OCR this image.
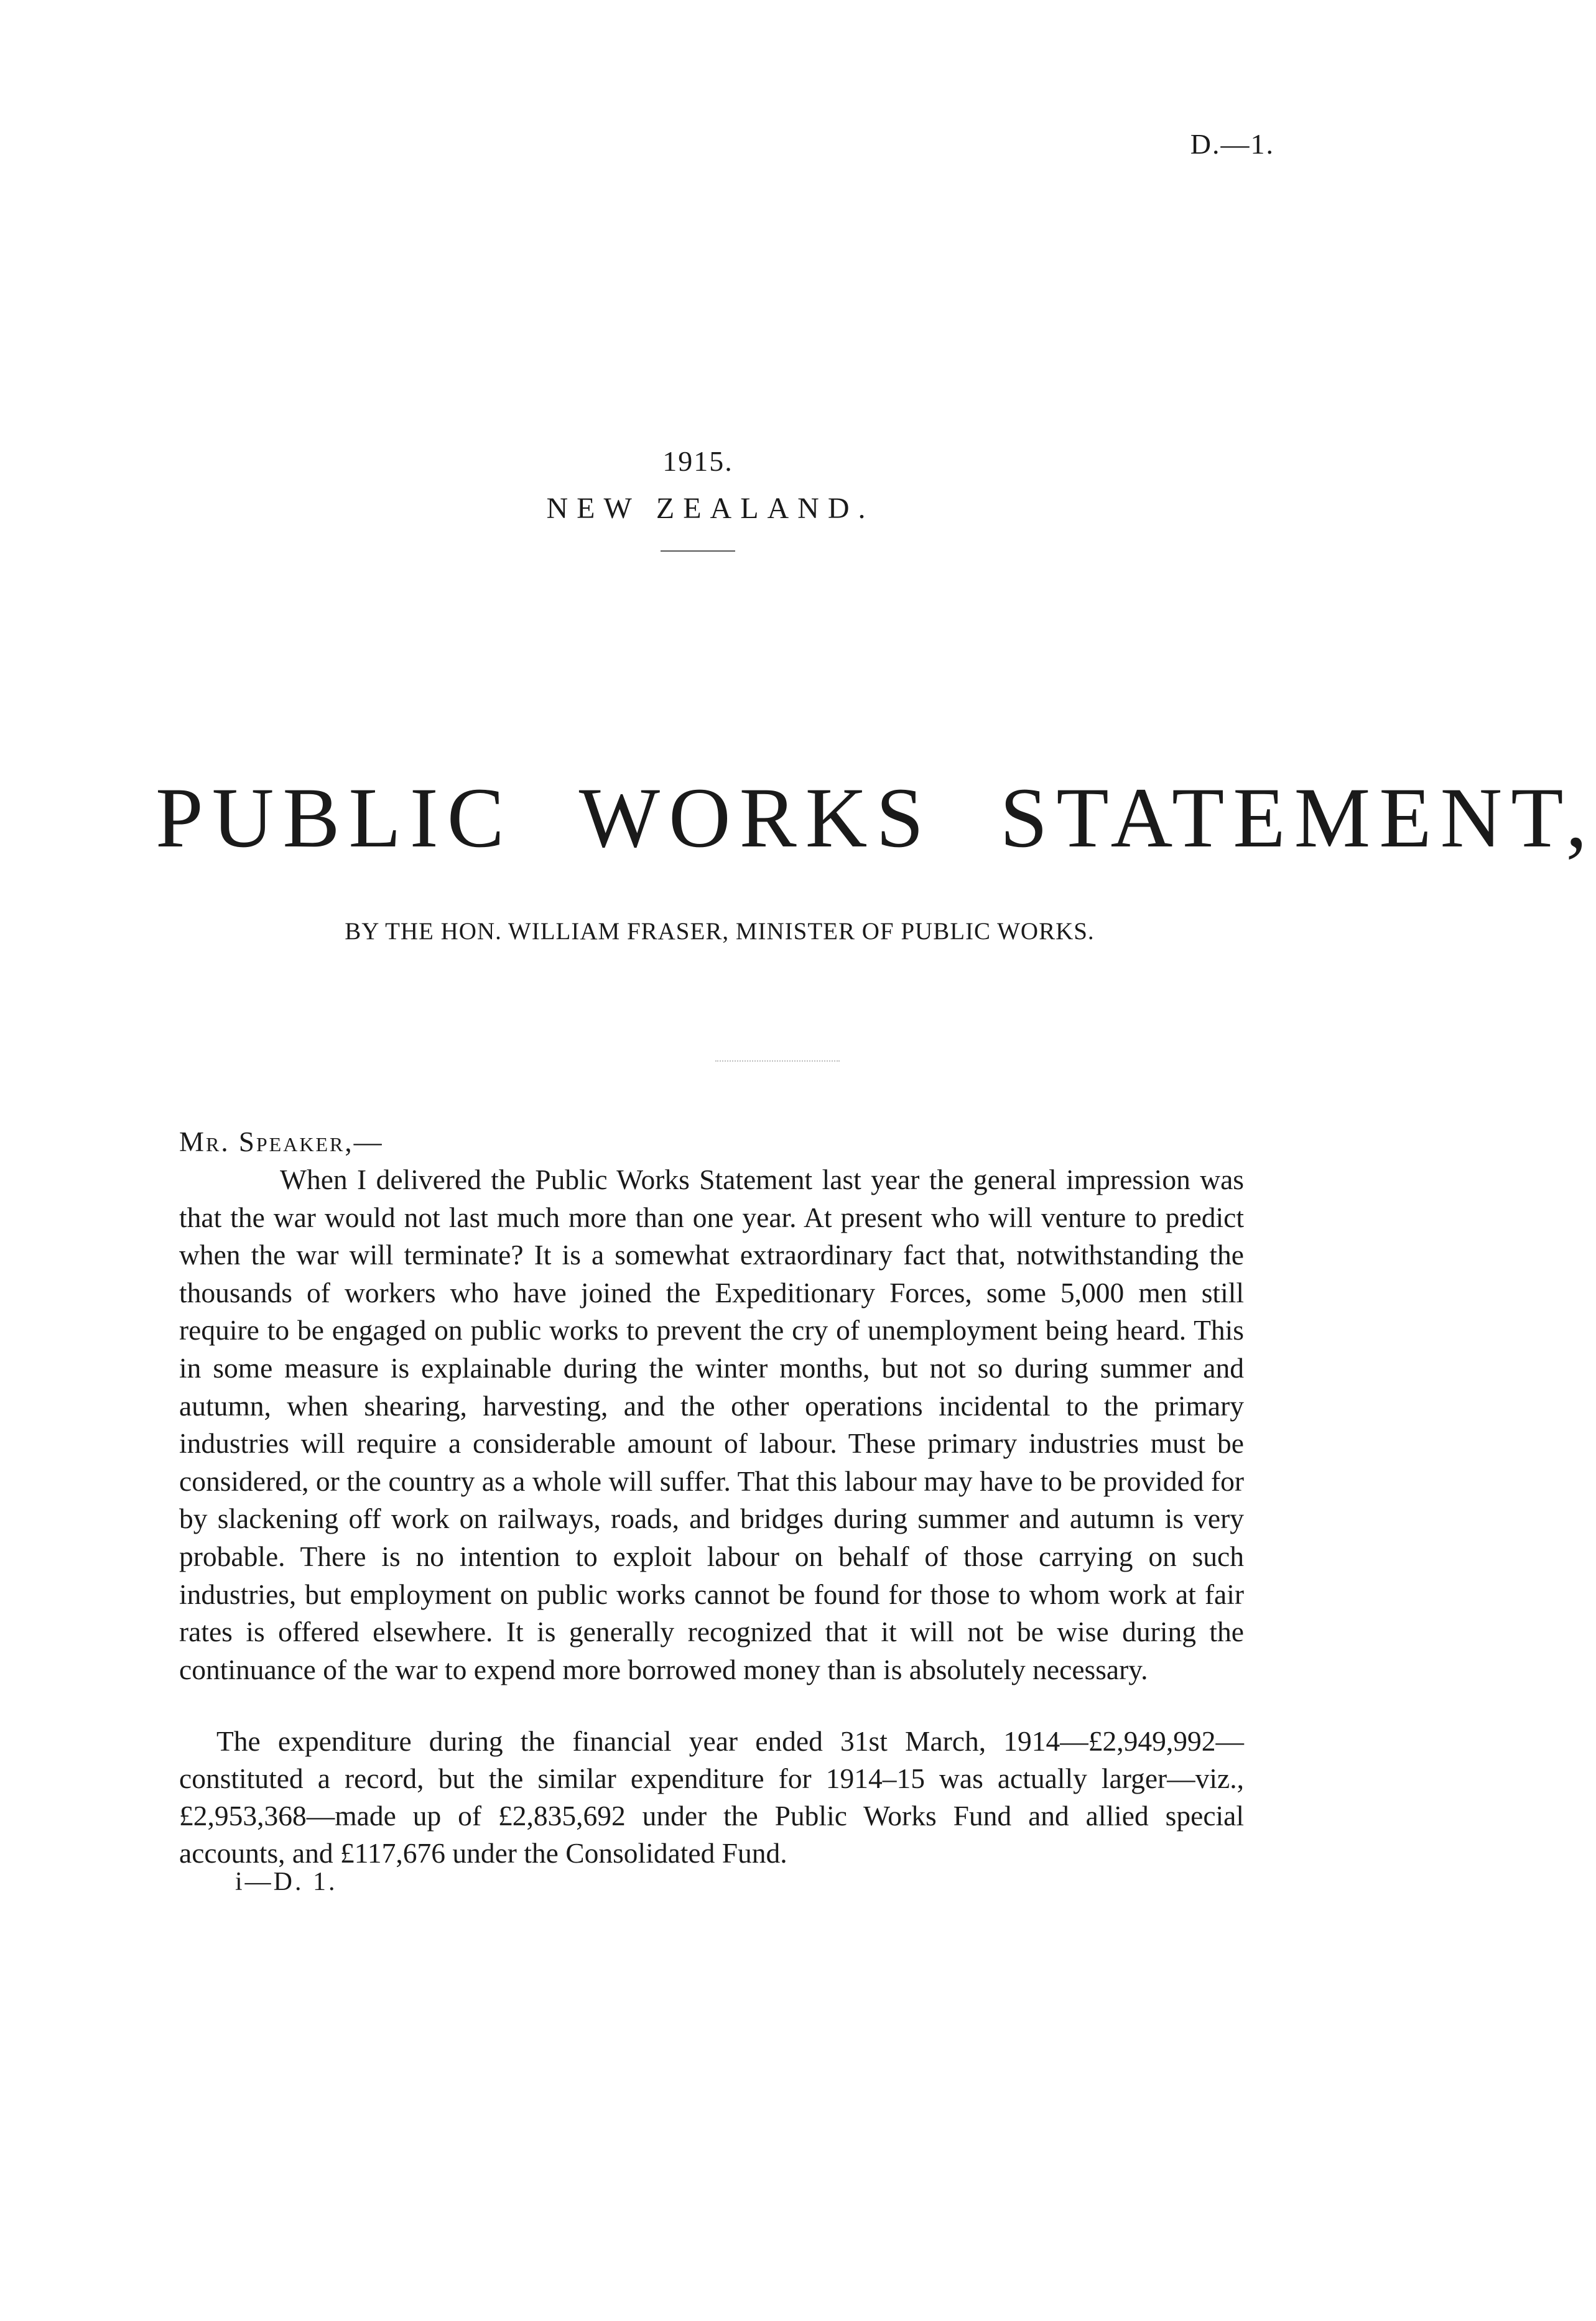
D.—1.
1915.
NEW ZEALAND.
PUBLIC WORKS STATEMENT,
BY THE HON. WILLIAM FRASER, MINISTER OF PUBLIC WORKS.
Mr. Speaker,—

When I delivered the Public Works Statement last year the general impression was that the war would not last much more than one year. At present who will venture to predict when the war will terminate? It is a somewhat extraordinary fact that, notwithstanding the thousands of workers who have joined the Expeditionary Forces, some 5,000 men still require to be engaged on public works to prevent the cry of unemployment being heard. This in some measure is explainable during the winter months, but not so during summer and autumn, when shearing, harvesting, and the other operations incidental to the primary industries will require a considerable amount of labour. These primary industries must be considered, or the country as a whole will suffer. That this labour may have to be provided for by slackening off work on railways, roads, and bridges during summer and autumn is very probable. There is no intention to exploit labour on behalf of those carrying on such industries, but employment on public works cannot be found for those to whom work at fair rates is offered elsewhere. It is generally recognized that it will not be wise during the continuance of the war to expend more borrowed money than is absolutely necessary.

The expenditure during the financial year ended 31st March, 1914—£2,949,992—constituted a record, but the similar expenditure for 1914–15 was actually larger—viz., £2,953,368—made up of £2,835,692 under the Public Works Fund and allied special accounts, and £117,676 under the Consolidated Fund.

i—D. 1.
